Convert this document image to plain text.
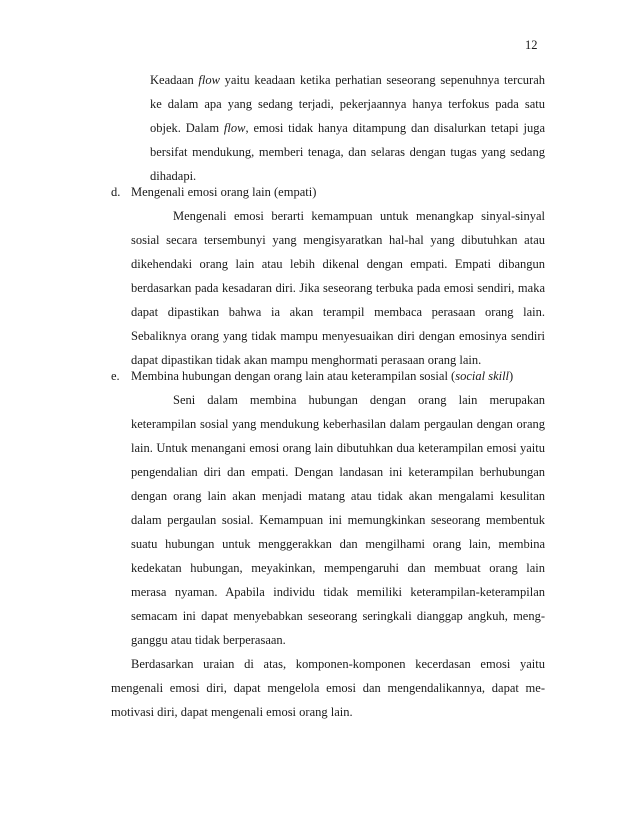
12
Keadaan flow yaitu keadaan ketika perhatian seseorang sepenuhnya tercurah
ke dalam apa yang sedang terjadi, pekerjaannya hanya terfokus pada satu
objek. Dalam flow, emosi tidak hanya ditampung dan disalurkan tetapi juga
bersifat mendukung, memberi tenaga, dan selaras dengan tugas yang sedang
dihadapi.
d. Mengenali emosi orang lain (empati)
Mengenali emosi berarti kemampuan untuk menangkap sinyal-sinyal
sosial secara tersembunyi yang mengisyaratkan hal-hal yang dibutuhkan atau
dikehendaki orang lain atau lebih dikenal dengan empati. Empati dibangun
berdasarkan pada kesadaran diri. Jika seseorang terbuka pada emosi sendiri, maka
dapat dipastikan bahwa ia akan terampil membaca perasaan orang lain.
Sebaliknya orang yang tidak mampu menyesuaikan diri dengan emosinya sendiri
dapat dipastikan tidak akan mampu menghormati perasaan orang lain.
e. Membina hubungan dengan orang lain atau keterampilan sosial (social skill)
Seni dalam membina hubungan dengan orang lain merupakan
keterampilan sosial yang mendukung keberhasilan dalam pergaulan dengan orang
lain. Untuk menangani emosi orang lain dibutuhkan dua keterampilan emosi yaitu
pengendalian diri dan empati. Dengan landasan ini keterampilan berhubungan
dengan orang lain akan menjadi matang atau tidak akan mengalami kesulitan
dalam pergaulan sosial. Kemampuan ini memungkinkan seseorang membentuk
suatu hubungan untuk menggerakkan dan mengilhami orang lain, membina
kedekatan hubungan, meyakinkan, mempengaruhi dan membuat orang lain
merasa nyaman. Apabila individu tidak memiliki keterampilan-keterampilan
semacam ini dapat menyebabkan seseorang seringkali dianggap angkuh, meng-
ganggu atau tidak berperasaan.
Berdasarkan uraian di atas, komponen-komponen kecerdasan emosi yaitu
mengenali emosi diri, dapat mengelola emosi dan mengendalikannya, dapat me-
motivasi diri, dapat mengenali emosi orang lain.
